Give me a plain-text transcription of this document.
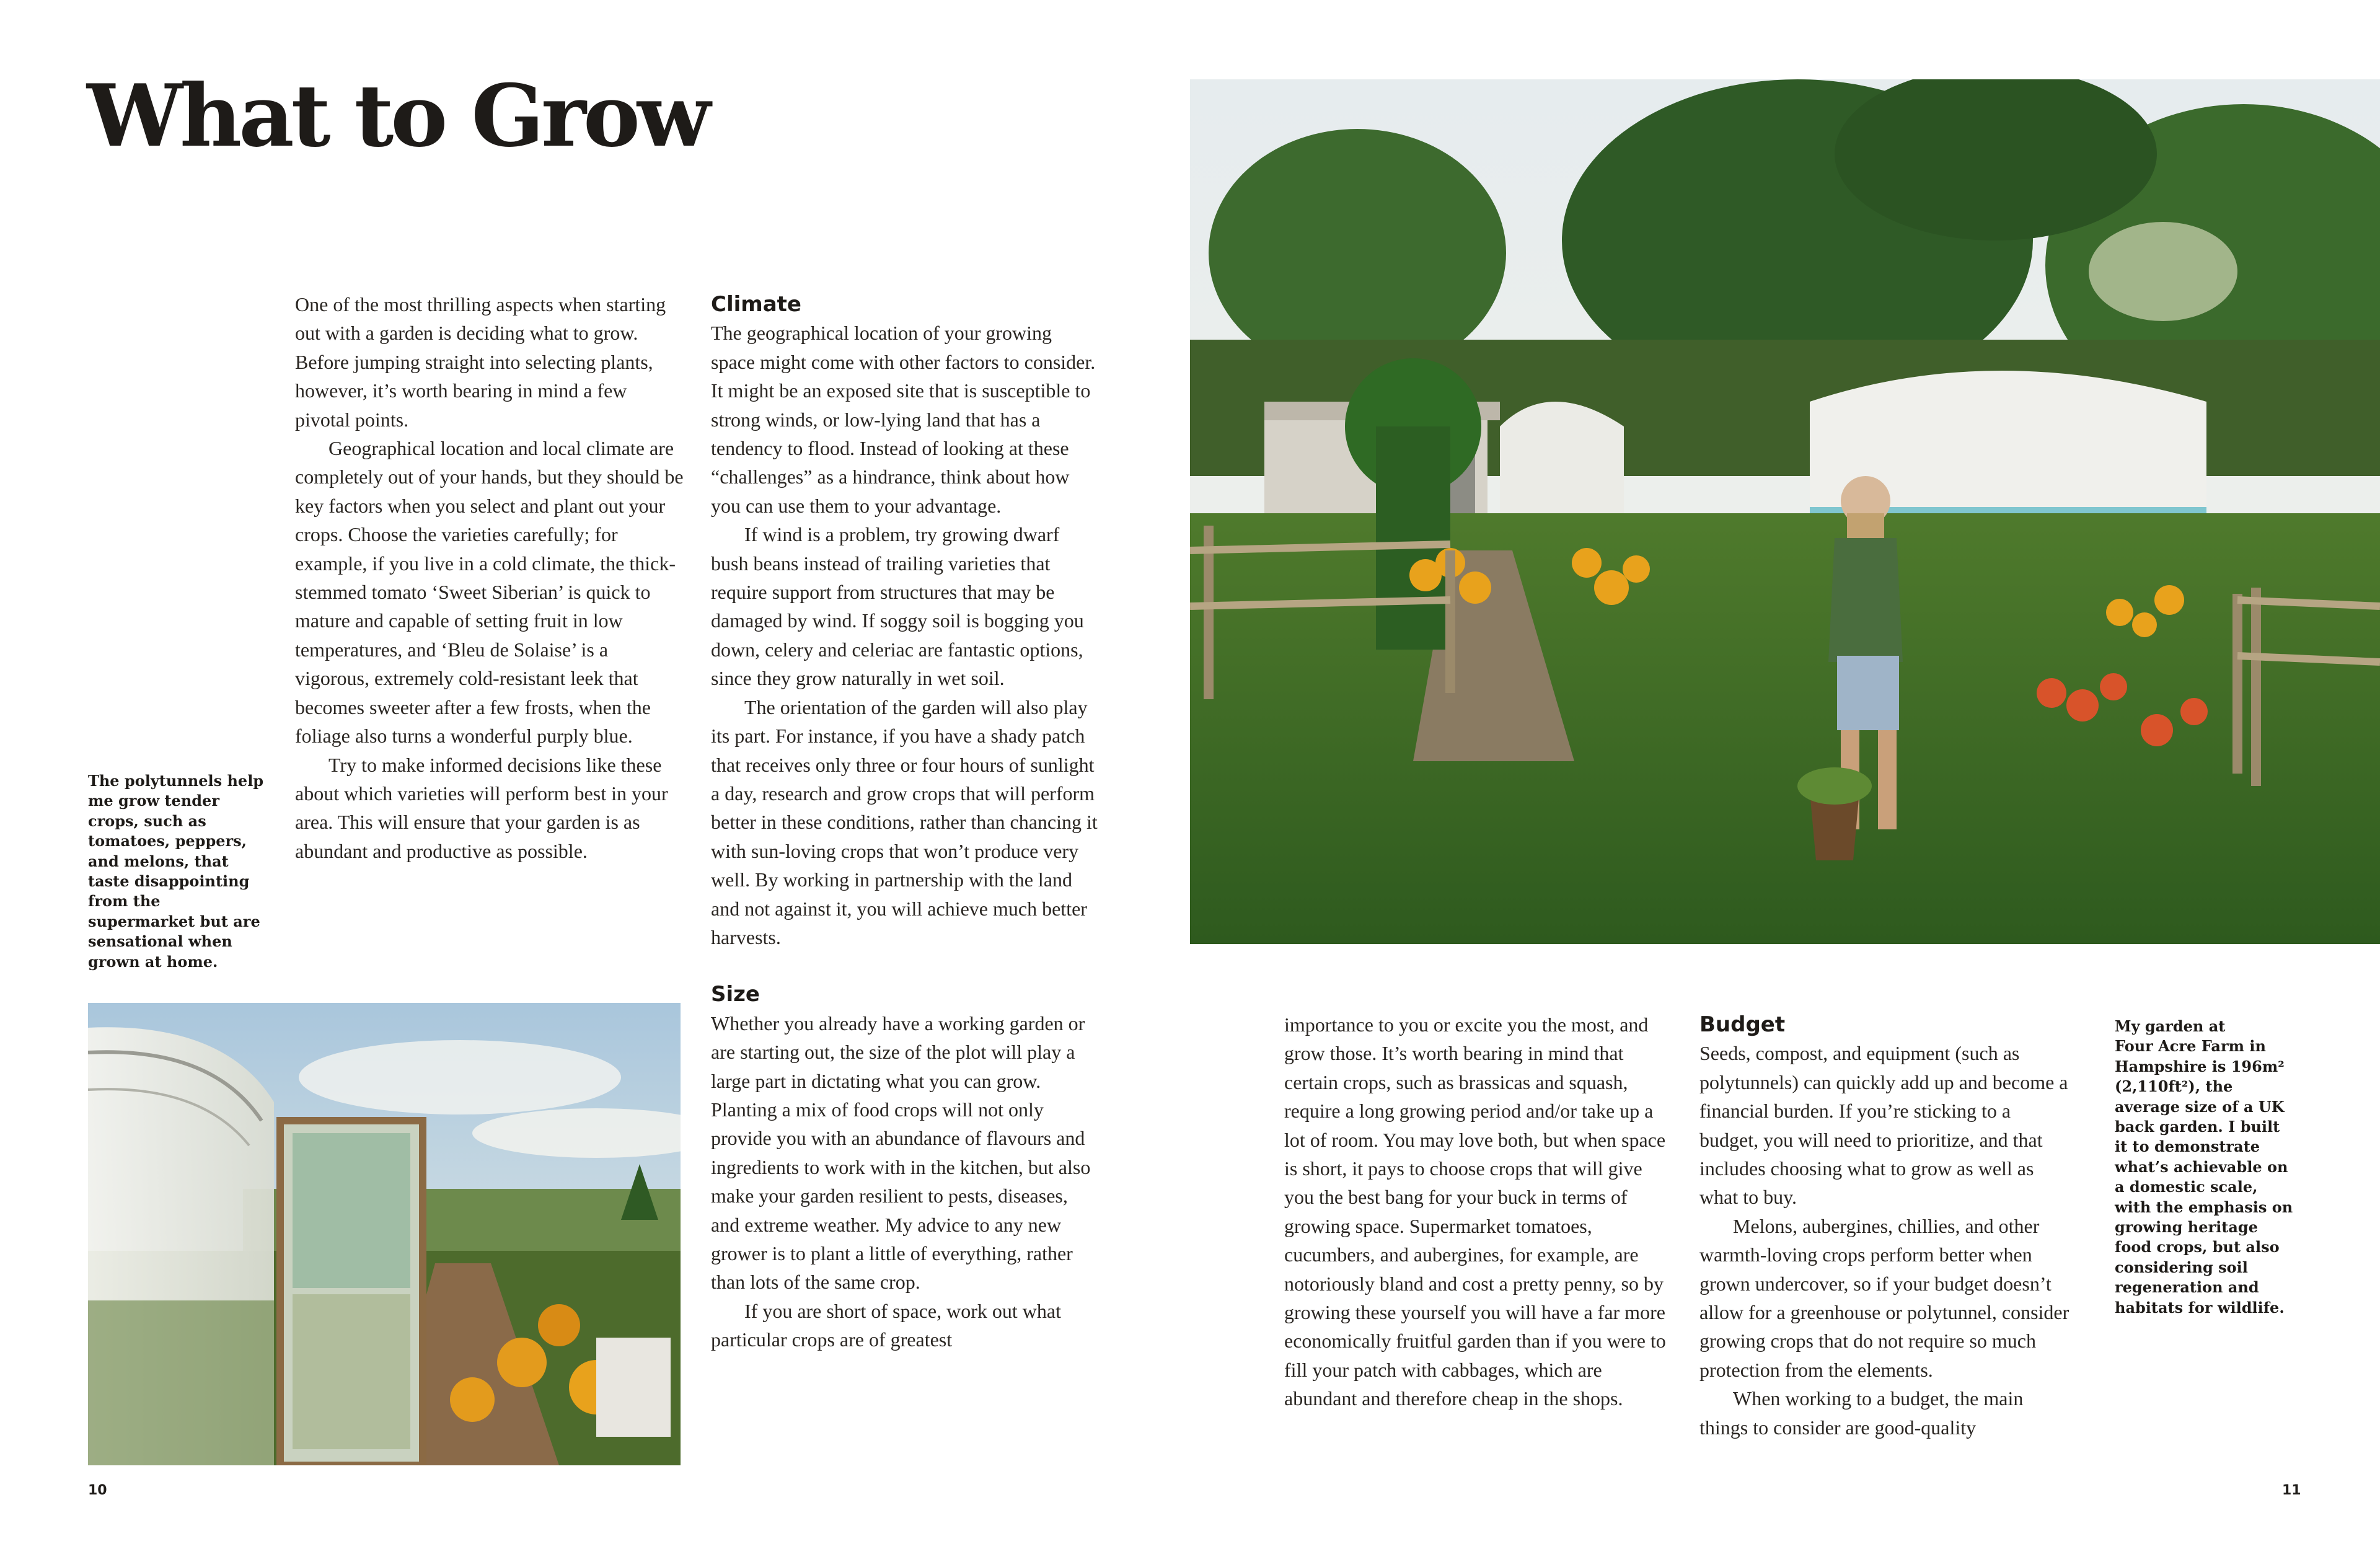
What to Grow

One of the most thrilling aspects when starting out with a garden is deciding what to grow. Before jumping straight into selecting plants, however, it’s worth bearing in mind a few pivotal points.

Geographical location and local climate are completely out of your hands, but they should be key factors when you select and plant out your crops. Choose the varieties carefully; for example, if you live in a cold climate, the thick-stemmed tomato ‘Sweet Siberian’ is quick to mature and capable of setting fruit in low temperatures, and ‘Bleu de Solaise’ is a vigorous, extremely cold-resistant leek that becomes sweeter after a few frosts, when the foliage also turns a wonderful purply blue.

Try to make informed decisions like these about which varieties will perform best in your area. This will ensure that your garden is as abundant and productive as possible.

The polytunnels help me grow tender crops, such as tomatoes, peppers, and melons, that taste disappointing from the supermarket but are sensational when grown at home.

Climate

The geographical location of your growing space might come with other factors to consider. It might be an exposed site that is susceptible to strong winds, or low-lying land that has a tendency to flood. Instead of looking at these “challenges” as a hindrance, think about how you can use them to your advantage.

If wind is a problem, try growing dwarf bush beans instead of trailing varieties that require support from structures that may be damaged by wind. If soggy soil is bogging you down, celery and celeriac are fantastic options, since they grow naturally in wet soil.

The orientation of the garden will also play its part. For instance, if you have a shady patch that receives only three or four hours of sunlight a day, research and grow crops that will perform better in these conditions, rather than chancing it with sun-loving crops that won’t produce very well. By working in partnership with the land and not against it, you will achieve much better harvests.

Size

Whether you already have a working garden or are starting out, the size of the plot will play a large part in dictating what you can grow. Planting a mix of food crops will not only provide you with an abundance of flavours and ingredients to work with in the kitchen, but also make your garden resilient to pests, diseases, and extreme weather. My advice to any new grower is to plant a little of everything, rather than lots of the same crop.

If you are short of space, work out what particular crops are of greatest

importance to you or excite you the most, and grow those. It’s worth bearing in mind that certain crops, such as brassicas and squash, require a long growing period and/or take up a lot of room. You may love both, but when space is short, it pays to choose crops that will give you the best bang for your buck in terms of growing space. Supermarket tomatoes, cucumbers, and aubergines, for example, are notoriously bland and cost a pretty penny, so by growing these yourself you will have a far more economically fruitful garden than if you were to fill your patch with cabbages, which are abundant and therefore cheap in the shops.

Budget

Seeds, compost, and equipment (such as polytunnels) can quickly add up and become a financial burden. If you’re sticking to a budget, you will need to prioritize, and that includes choosing what to grow as well as what to buy.

Melons, aubergines, chillies, and other warmth-loving crops perform better when grown undercover, so if your budget doesn’t allow for a greenhouse or polytunnel, consider growing crops that do not require so much protection from the elements.

When working to a budget, the main things to consider are good-quality

My garden at
Four Acre Farm in
Hampshire is 196m² (2,110ft²), the average size of a UK back garden. I built it to demonstrate what’s achievable on a domestic scale, with the emphasis on growing heritage food crops, but also considering soil regeneration and habitats for wildlife.
10	11
